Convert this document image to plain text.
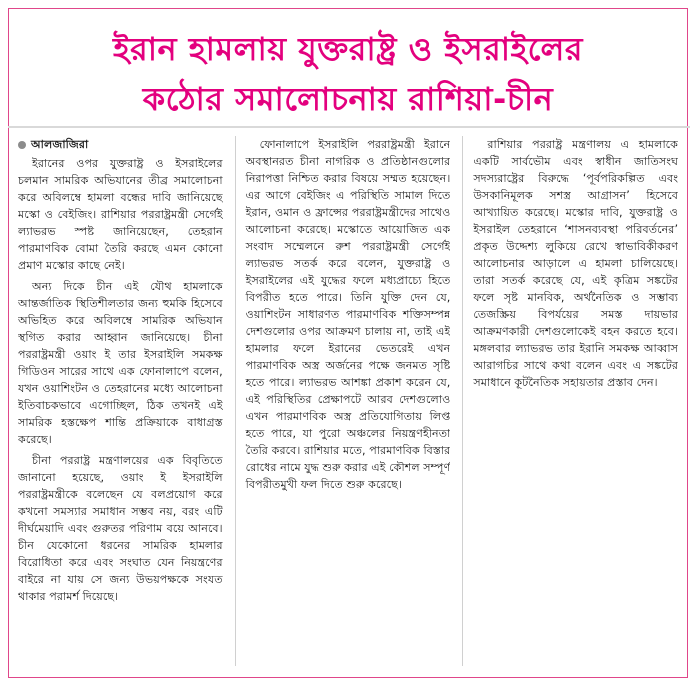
ইরান হামলায় যুক্তরাষ্ট্র ও ইসরাইলের
কঠোর সমালোচনায় রাশিয়া-চীন
আলজাজিরা

ইরানের ওপর যুক্তরাষ্ট্র ও ইসরাইলের চলমান সামরিক অভিযানের তীব্র সমালোচনা করে অবিলম্বে হামলা বন্ধের দাবি জানিয়েছে মস্কো ও বেইজিং। রাশিয়ার পররাষ্ট্রমন্ত্রী সের্গেই ল্যাভরভ স্পষ্ট জানিয়েছেন, তেহরান পারমাণবিক বোমা তৈরি করছে এমন কোনো প্রমাণ মস্কোর কাছে নেই।

অন্য দিকে চীন এই যৌথ হামলাকে আন্তর্জাতিক স্থিতিশীলতার জন্য হুমকি হিসেবে অভিহিত করে অবিলম্বে সামরিক অভিযান স্থগিত করার আহ্বান জানিয়েছে। চীনা পররাষ্ট্রমন্ত্রী ওয়াং ই তার ইসরাইলি সমকক্ষ গিডিওন সারের সাথে এক ফোনালাপে বলেন, যখন ওয়াশিংটন ও তেহরানের মধ্যে আলোচনা ইতিবাচকভাবে এগোচ্ছিল, ঠিক তখনই এই সামরিক হস্তক্ষেপ শান্তি প্রক্রিয়াকে বাধাগ্রস্ত করেছে।

চীনা পররাষ্ট্র মন্ত্রণালয়ের এক বিবৃতিতে জানানো হয়েছে, ওয়াং ই ইসরাইলি পররাষ্ট্রমন্ত্রীকে বলেছেন যে বলপ্রয়োগ করে কখনো সমস্যার সমাধান সম্ভব নয়, বরং এটি দীর্ঘমেয়াদি এবং গুরুতর পরিণাম বয়ে আনবে। চীন যেকোনো ধরনের সামরিক হামলার বিরোধিতা করে এবং সংঘাত যেন নিয়ন্ত্রণের বাইরে না যায় সে জন্য উভয়পক্ষকে সংযত থাকার পরামর্শ দিয়েছে।

ফোনালাপে ইসরাইলি পররাষ্ট্রমন্ত্রী ইরানে অবস্থানরত চীনা নাগরিক ও প্রতিষ্ঠানগুলোর নিরাপত্তা নিশ্চিত করার বিষয়ে সম্মত হয়েছেন। এর আগে বেইজিং এ পরিস্থিতি সামাল দিতে ইরান, ওমান ও ফ্রান্সের পররাষ্ট্রমন্ত্রীদের সাথেও আলোচনা করেছে। মস্কোতে আয়োজিত এক সংবাদ সম্মেলনে রুশ পররাষ্ট্রমন্ত্রী সের্গেই ল্যাভরভ সতর্ক করে বলেন, যুক্তরাষ্ট্র ও ইসরাইলের এই যুদ্ধের ফলে মধ্যপ্রাচ্যে হিতে বিপরীত হতে পারে। তিনি যুক্তি দেন যে, ওয়াশিংটন সাধারণত পারমাণবিক শক্তিসম্পন্ন দেশগুলোর ওপর আক্রমণ চালায় না, তাই এই হামলার ফলে ইরানের ভেতরেই এখন পারমাণবিক অস্ত্র অর্জনের পক্ষে জনমত সৃষ্টি হতে পারে। ল্যাভরভ আশঙ্কা প্রকাশ করেন যে, এই পরিস্থিতির প্রেক্ষাপটে আরব দেশগুলোও এখন পারমাণবিক অস্ত্র প্রতিযোগিতায় লিপ্ত হতে পারে, যা পুরো অঞ্চলের নিয়ন্ত্রণহীনতা তৈরি করবে। রাশিয়ার মতে, পারমাণবিক বিস্তার রোধের নামে যুদ্ধ শুরু করার এই কৌশল সম্পূর্ণ বিপরীতমুখী ফল দিতে শুরু করেছে।

রাশিয়ার পররাষ্ট্র মন্ত্রণালয় এ হামলাকে একটি সার্বভৌম এবং স্বাধীন জাতিসংঘ সদস্যরাষ্ট্রের বিরুদ্ধে ‘পূর্বপরিকল্পিত এবং উসকানিমূলক সশস্ত্র আগ্রাসন’ হিসেবে আখ্যায়িত করেছে। মস্কোর দাবি, যুক্তরাষ্ট্র ও ইসরাইল তেহরানে ‘শাসনব্যবস্থা পরিবর্তনের’ প্রকৃত উদ্দেশ্য লুকিয়ে রেখে স্বাভাবিকীকরণ আলোচনার আড়ালে এ হামলা চালিয়েছে। তারা সতর্ক করেছে যে, এই কৃত্রিম সঙ্কটের ফলে সৃষ্ট মানবিক, অর্থনৈতিক ও সম্ভাব্য তেজস্ক্রিয় বিপর্যয়ের সমস্ত দায়ভার আক্রমণকারী দেশগুলোকেই বহন করতে হবে। মঙ্গলবার ল্যাভরভ তার ইরানি সমকক্ষ আব্বাস আরাগচির সাথে কথা বলেন এবং এ সঙ্কটের সমাধানে কূটনৈতিক সহায়তার প্রস্তাব দেন।
